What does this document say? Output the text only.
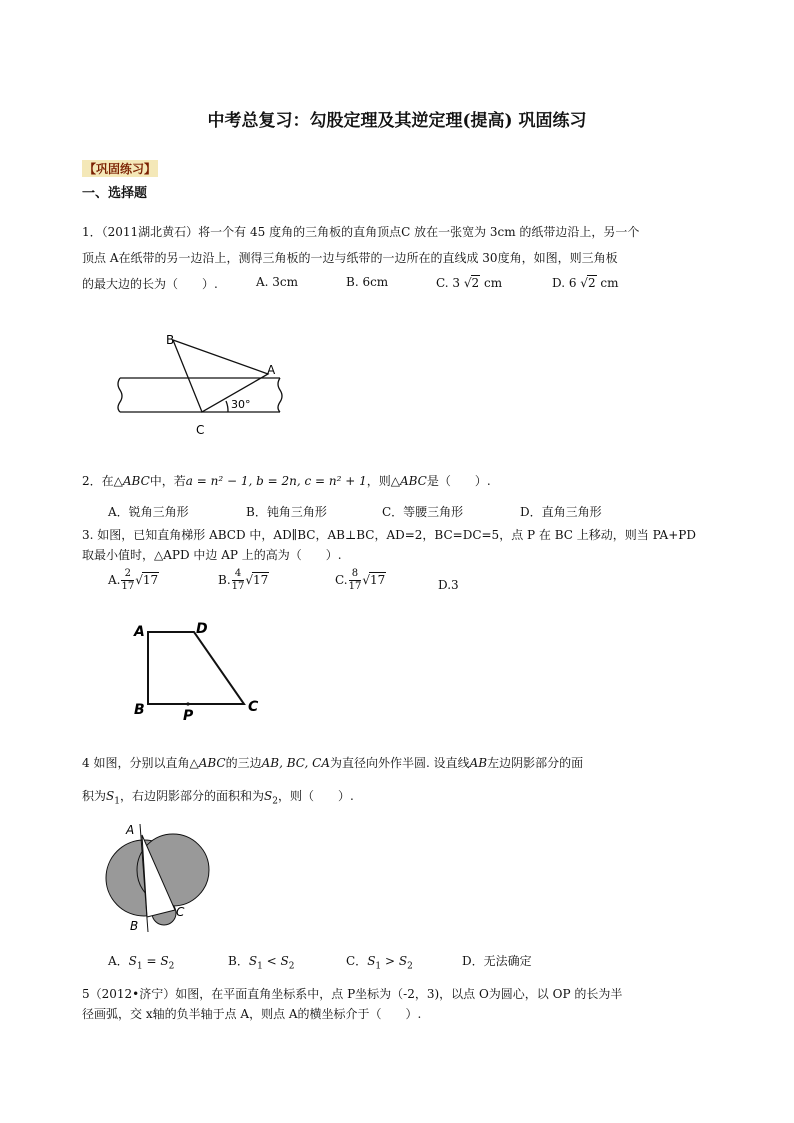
中考总复习：勾股定理及其逆定理(提高) 巩固练习
【巩固练习】
一、选择题
1．（2011湖北黄石）将一个有 45 度角的三角板的直角顶点C 放在一张宽为 3cm 的纸带边沿上，另一个
顶点 A在纸带的另一边沿上，测得三角板的一边与纸带的一边所在的直线成 30度角，如图，则三角板
的最大边的长为（　　）.	A. 3cm	B. 6cm	C. 3 √2 cm	D. 6 √2 cm
B
A
C
30°
2．在△ABC中，若a = n² − 1, b = 2n, c = n² + 1，则△ABC是（　　）.
A．锐角三角形	B．钝角三角形	C．等腰三角形	D．直角三角形
3. 如图，已知直角梯形 ABCD 中，AD∥BC，AB⊥BC，AD=2，BC=DC=5，点 P 在 BC 上移动，则当 PA+PD
取最小值时，△APD 中边 AP 上的高为（　　）.
A. $\frac{2}{17} √17$	B. $\frac{4}{17} √17$	C. $\frac{8}{17} √17$	D.3
A	D
B	P
C
4 如图，分别以直角△ABC的三边AB, BC, CA为直径向外作半圆. 设直线AB左边阴影部分的面
积为$S_1$，右边阴影部分的面积和为$S_2$，则（　　）.
A
B
C
A．$S_1 = S_2$	B．$S_1 < S_2$	C．$S_1 > S_2$	D．无法确定
5（2012•济宁）如图，在平面直角坐标系中，点 P坐标为（-2，3)，以点 O为圆心，以 OP 的长为半
径画弧，交 x轴的负半轴于点 A，则点 A的横坐标介于（　　）.
